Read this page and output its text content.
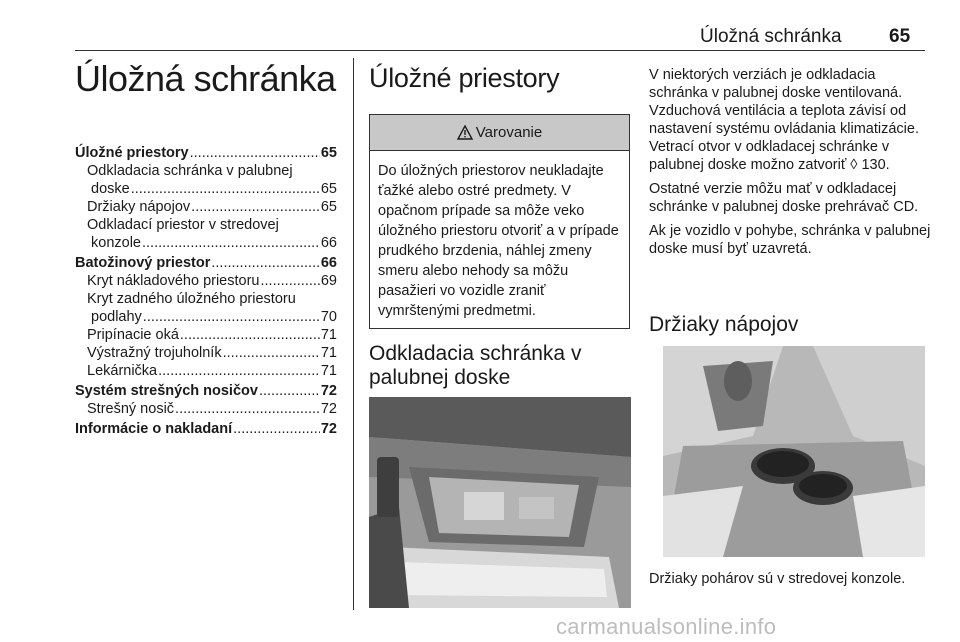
Úložná schránka 65
Úložná schránka
Úložné priestory .....	65
Odkladacia schránka v palubnej
doske .....	65
Držiaky nápojov .....	65
Odkladací priestor v stredovej
konzole .....	66
Batožinový priestor .....	66
Kryt nákladového priestoru .....	69
Kryt zadného úložného priestoru
podlahy .....	70
Pripínacie oká .....	71
Výstražný trojuholník .....	71
Lekárnička .....	71
Systém strešných nosičov .....	72
Strešný nosič .....	72
Informácie o nakladaní .....	72
Úložné priestory
Varovanie
Do úložných priestorov neukladajte ťažké alebo ostré predmety. V opačnom prípade sa môže veko úložného priestoru otvoriť a v prípade prudkého brzdenia, náhlej zmeny smeru alebo nehody sa môžu pasažieri vo vozidle zraniť vymrštenými predmetmi.
Odkladacia schránka v palubnej doske

V niektorých verziách je odkladacia schránka v palubnej doske ventilovaná. Vzduchová ventilácia a teplota závisí od nastavení systému ovládania klimatizácie. Vetrací otvor v odkladacej schránke v palubnej doske možno zatvoriť ◊ 130.

Ostatné verzie môžu mať v odkladacej schránke v palubnej doske prehrávač CD.

Ak je vozidlo v pohybe, schránka v palubnej doske musí byť uzavretá.

Držiaky nápojov
Držiaky pohárov sú v stredovej konzole.
carmanualsonline.info
